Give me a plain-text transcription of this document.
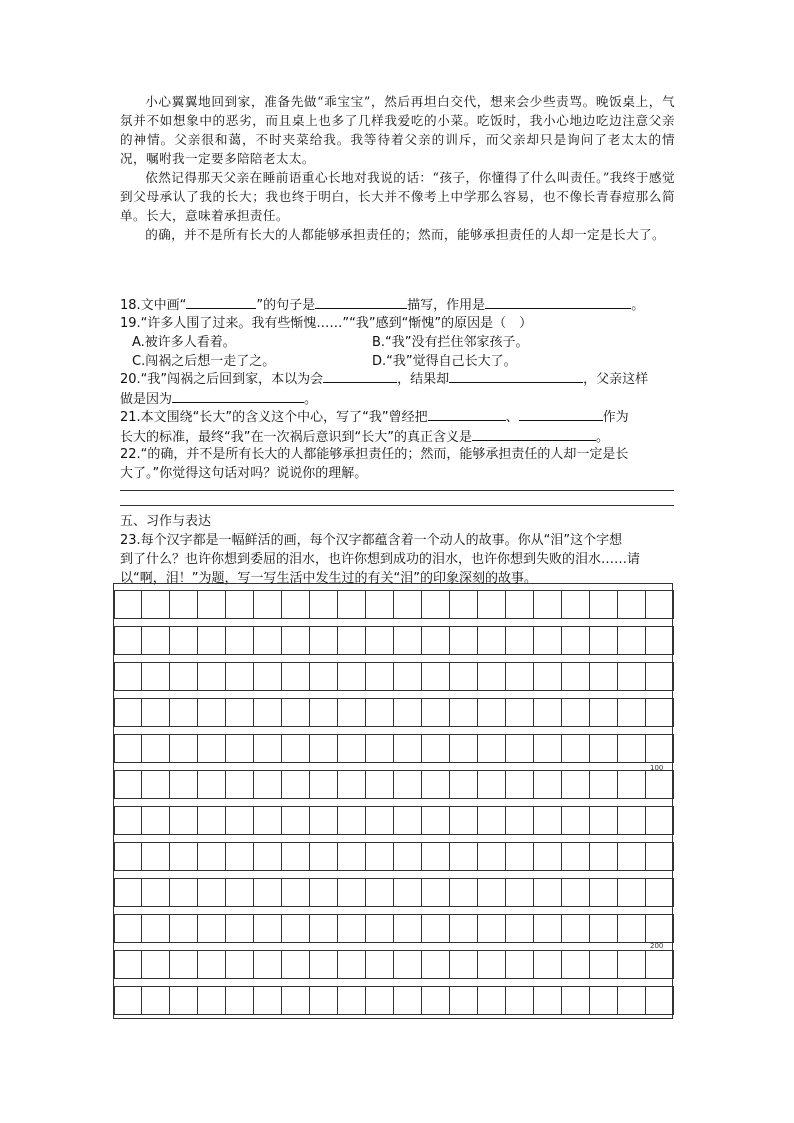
小心翼翼地回到家，准备先做“乖宝宝”，然后再坦白交代，想来会少些责骂。晚饭桌上，气氛并不如想象中的恶劣，而且桌上也多了几样我爱吃的小菜。吃饭时，我小心地边吃边注意父亲的神情。父亲很和蔼，不时夹菜给我。我等待着父亲的训斥，而父亲却只是询问了老太太的情况，嘱咐我一定要多陪陪老太太。

依然记得那天父亲在睡前语重心长地对我说的话：“孩子，你懂得了什么叫责任。”我终于感觉到父母承认了我的长大；我也终于明白，长大并不像考上中学那么容易，也不像长青春痘那么简单。长大，意味着承担责任。

的确，并不是所有长大的人都能够承担责任的；然而，能够承担责任的人却一定是长大了。

18.文中画“	”的句子是	描写，作用是	。
19.“许多人围了过来。我有些惭愧……”“我”感到“惭愧”的原因是（　）
A.被许多人看着。	B.“我”没有拦住邻家孩子。
C.闯祸之后想一走了之。	D.“我”觉得自己长大了。
20.“我”闯祸之后回到家，本以为会	，结果却	，父亲这样
做是因为	。
21.本文围绕“长大”的含义这个中心，写了“我”曾经把	、	作为
长大的标准，最终“我”在一次祸后意识到“长大”的真正含义是	。
22.“的确，并不是所有长大的人都能够承担责任的；然而，能够承担责任的人却一定是长
大了。”你觉得这句话对吗？说说你的理解。
五、习作与表达
23.每个汉字都是一幅鲜活的画，每个汉字都蕴含着一个动人的故事。你从“泪”这个字想
到了什么？也许你想到委屈的泪水，也许你想到成功的泪水，也许你想到失败的泪水……请
以“啊，泪！”为题，写一写生活中发生过的有关“泪”的印象深刻的故事。
100
200
